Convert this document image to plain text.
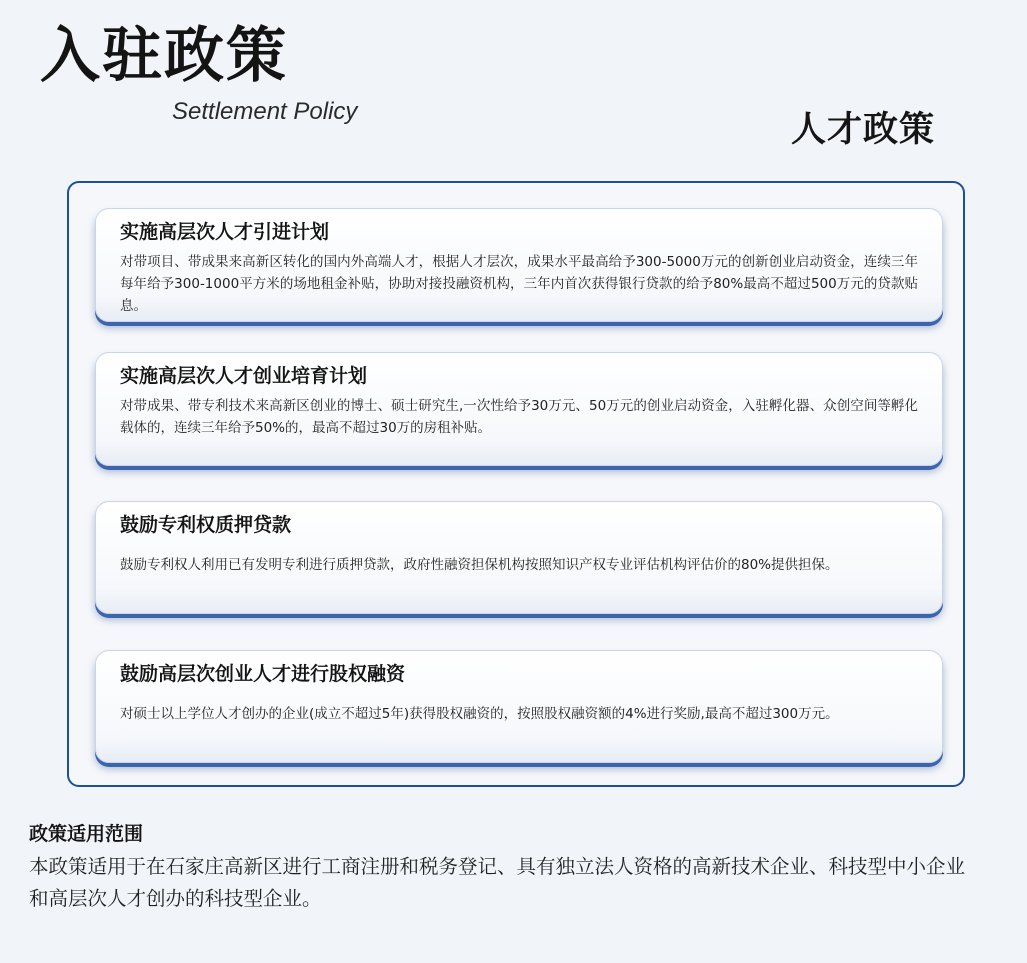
入驻政策
Settlement Policy	人才政策
实施高层次人才引进计划

对带项目、带成果来高新区转化的国内外高端人才，根据人才层次，成果水平最高给予300-5000万元的创新创业启动资金，连续三年每年给予300-1000平方米的场地租金补贴，协助对接投融资机构，三年内首次获得银行贷款的给予80%最高不超过500万元的贷款贴息。

实施高层次人才创业培育计划

对带成果、带专利技术来高新区创业的博士、硕士研究生,一次性给予30万元、50万元的创业启动资金，入驻孵化器、众创空间等孵化载体的，连续三年给予50%的，最高不超过30万的房租补贴。

鼓励专利权质押贷款

鼓励专利权人利用已有发明专利进行质押贷款，政府性融资担保机构按照知识产权专业评估机构评估价的80%提供担保。

鼓励高层次创业人才进行股权融资

对硕士以上学位人才创办的企业(成立不超过5年)获得股权融资的，按照股权融资额的4%进行奖励,最高不超过300万元。

政策适用范围
本政策适用于在石家庄高新区进行工商注册和税务登记、具有独立法人资格的高新技术企业、科技型中小企业和高层次人才创办的科技型企业。
